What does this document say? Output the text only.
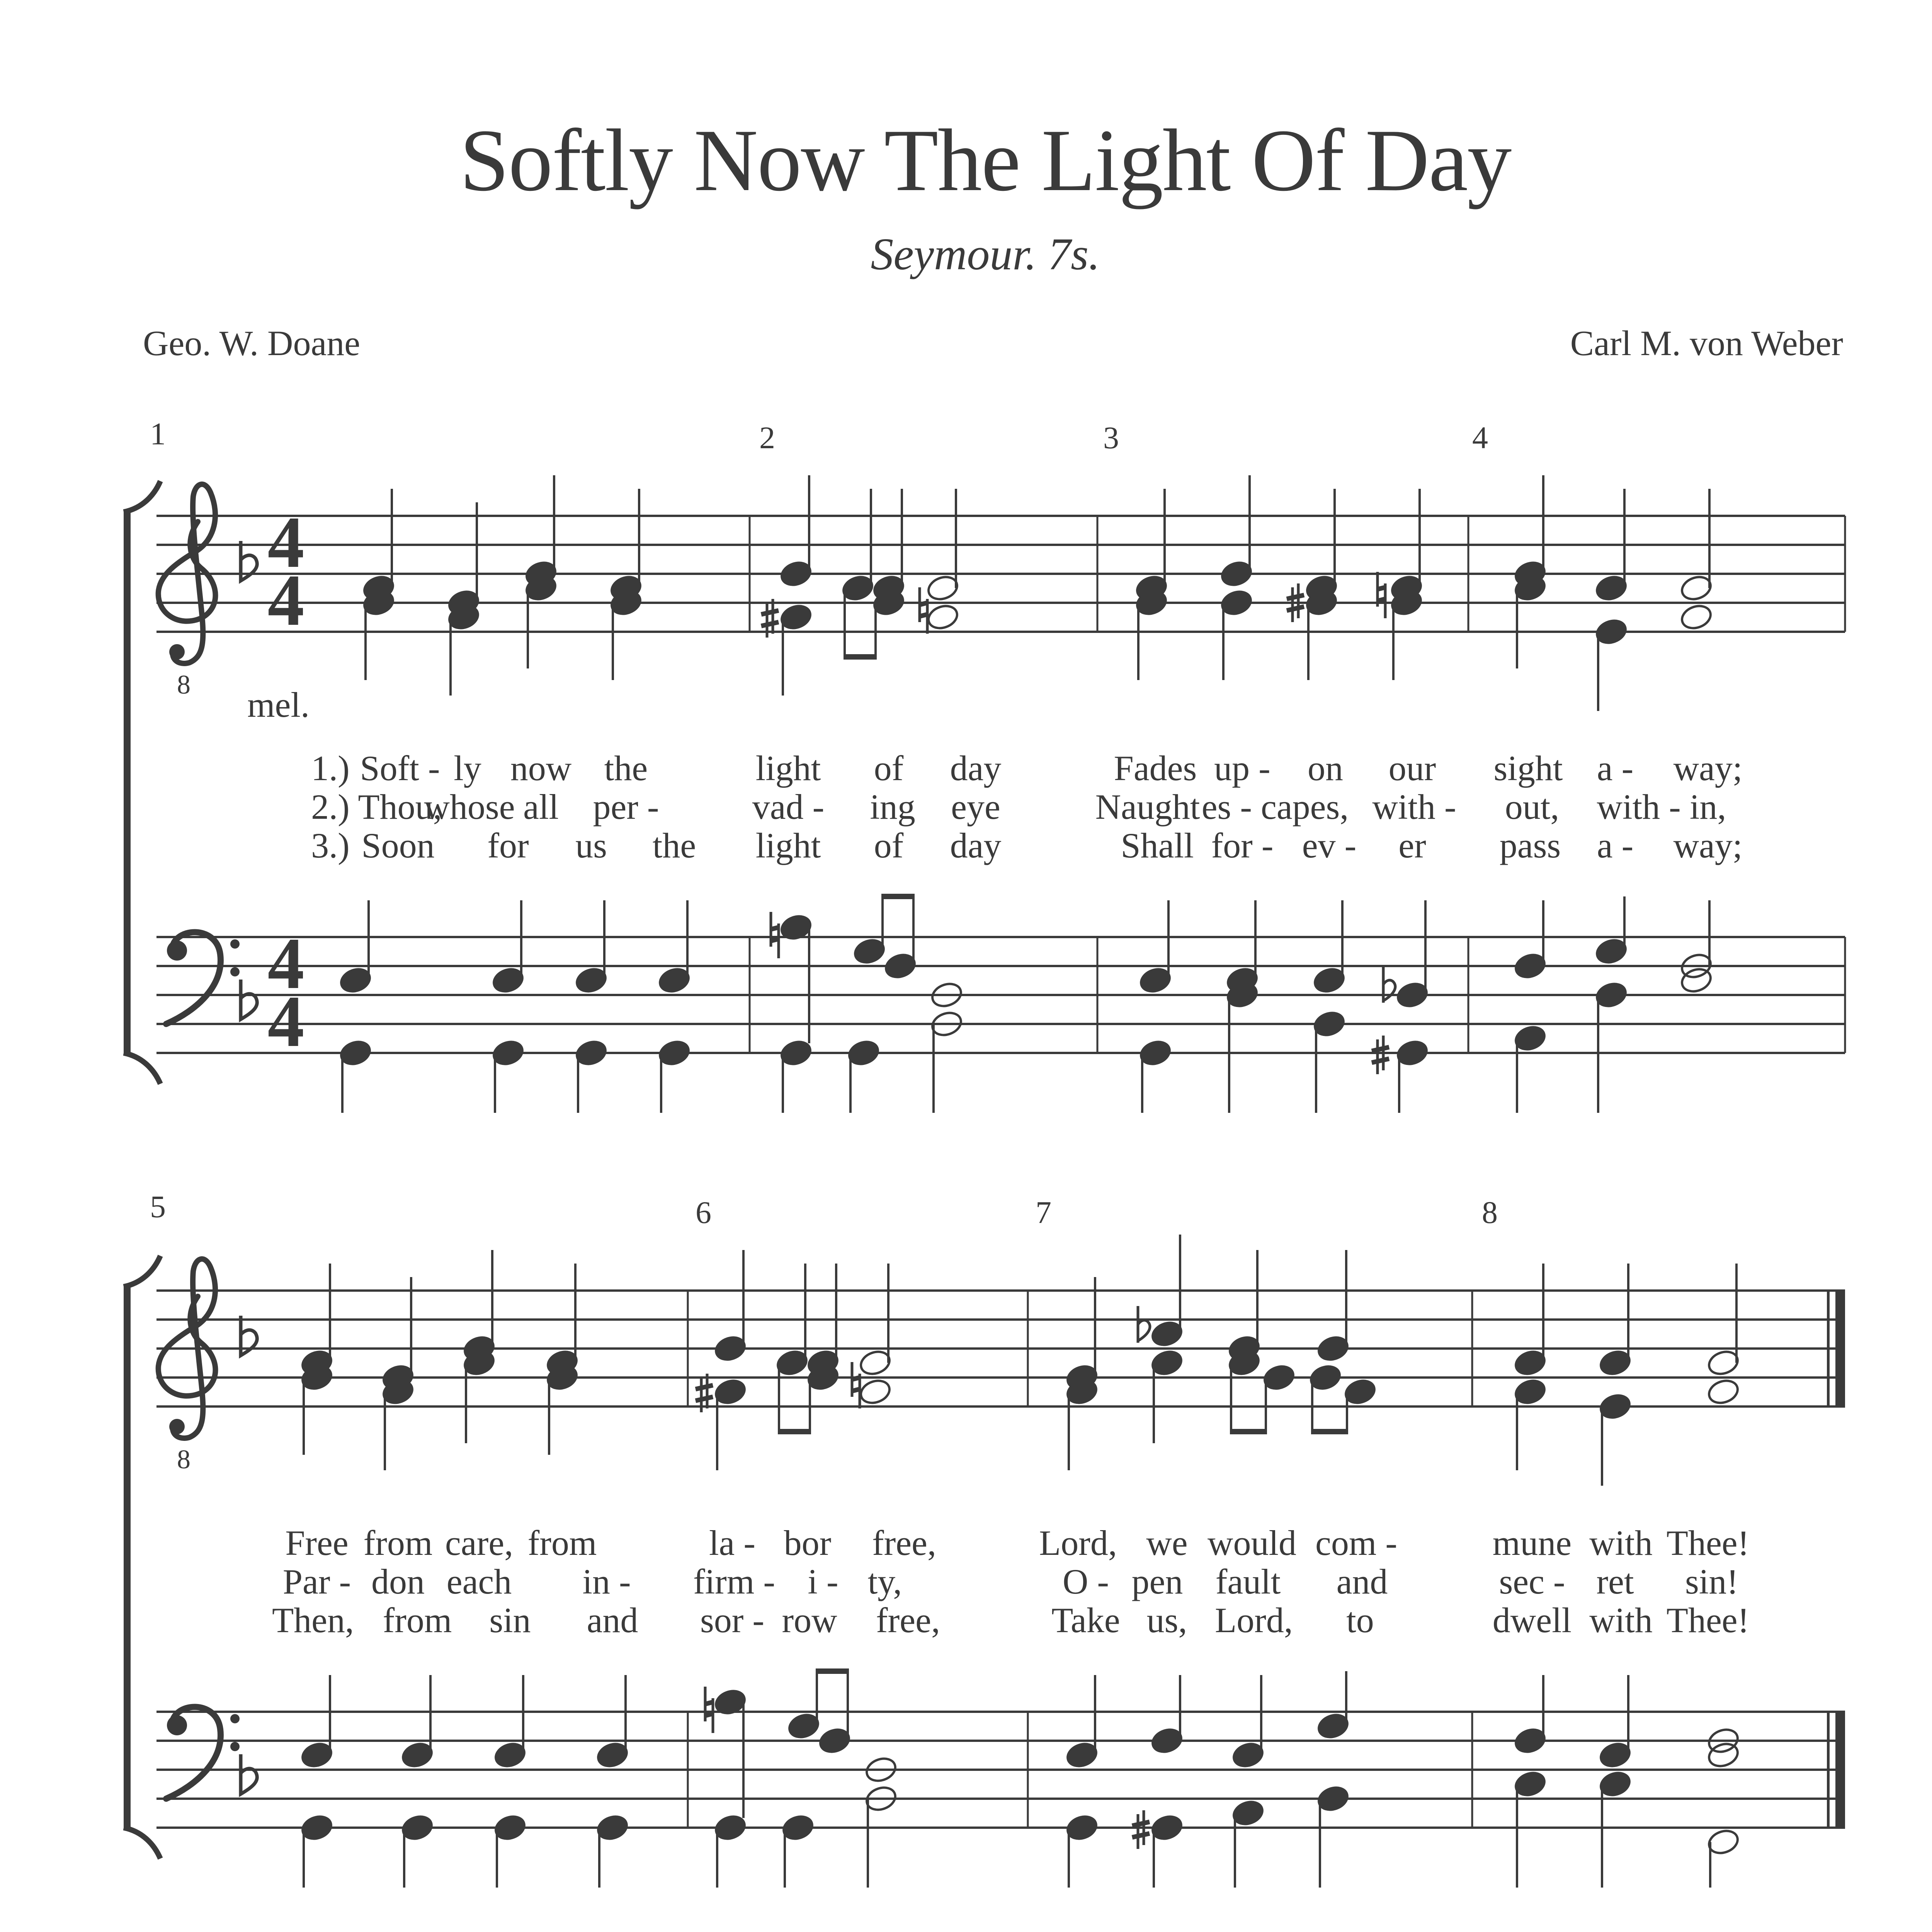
Softly Now The Light Of Day
Seymour. 7s.
Geo. W. Doane	Carl M. von Weber
8
4
4
4
4
1	2	3	4
mel.
8
5	6	7	8
1.) Soft - ly now the	light of day	Fades up - on our sight a - way;
2.) Thou,
whose all per -	vad - ing eye	Naught es - capes, with - out, with - in,
3.) Soon for us the light of day	Shall for - ev - er pass a - way;
Free from care, from	la - bor free,	Lord, we would com -	mune with Thee!
Par - don each in - firm - i - ty,	O - pen fault and	sec - ret sin!
Then, from sin and sor - row free,	Take us, Lord, to	dwell with Thee!
